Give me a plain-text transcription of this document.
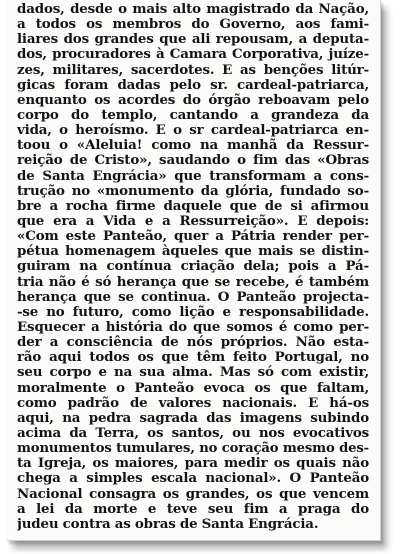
dados, desde o mais alto magistrado da Nação,
a todos os membros do Governo, aos fami-
liares dos grandes que ali repousam, a deputa-
dos, procuradores à Camara Corporativa, juíze-
zes, militares, sacerdotes. E as benções litúr-
gicas foram dadas pelo sr. cardeal-patriarca,
enquanto os acordes do órgão reboavam pelo
corpo do templo, cantando a grandeza da
vida, o heroísmo. E o sr cardeal-patriarca en-
toou o «Aleluia! como na manhã da Ressur-
reição de Cristo», saudando o fim das «Obras
de Santa Engrácia» que transformam a cons-
trução no «monumento da glória, fundado so-
bre a rocha firme daquele que de si afirmou
que era a Vida e a Ressurreição». E depois:
«Com este Panteão, quer a Pátria render per-
pétua homenagem àqueles que mais se distin-
guiram na contínua criação dela; pois a Pá-
tria não é só herança que se recebe, é também
herança que se continua. O Panteão projecta-
-se no futuro, como lição e responsabilidade.
Esquecer a história do que somos é como per-
der a consciência de nós próprios. Não esta-
rão aqui todos os que têm feito Portugal, no
seu corpo e na sua alma. Mas só com existir,
moralmente o Panteão evoca os que faltam,
como padrão de valores nacionais. E há-os
aqui, na pedra sagrada das imagens subindo
acima da Terra, os santos, ou nos evocativos
monumentos tumulares, no coração mesmo des-
ta Igreja, os maiores, para medir os quais não
chega a simples escala nacional». O Panteão
Nacional consagra os grandes, os que vencem
a lei da morte e teve seu fim a praga do
judeu contra as obras de Santa Engrácia.
